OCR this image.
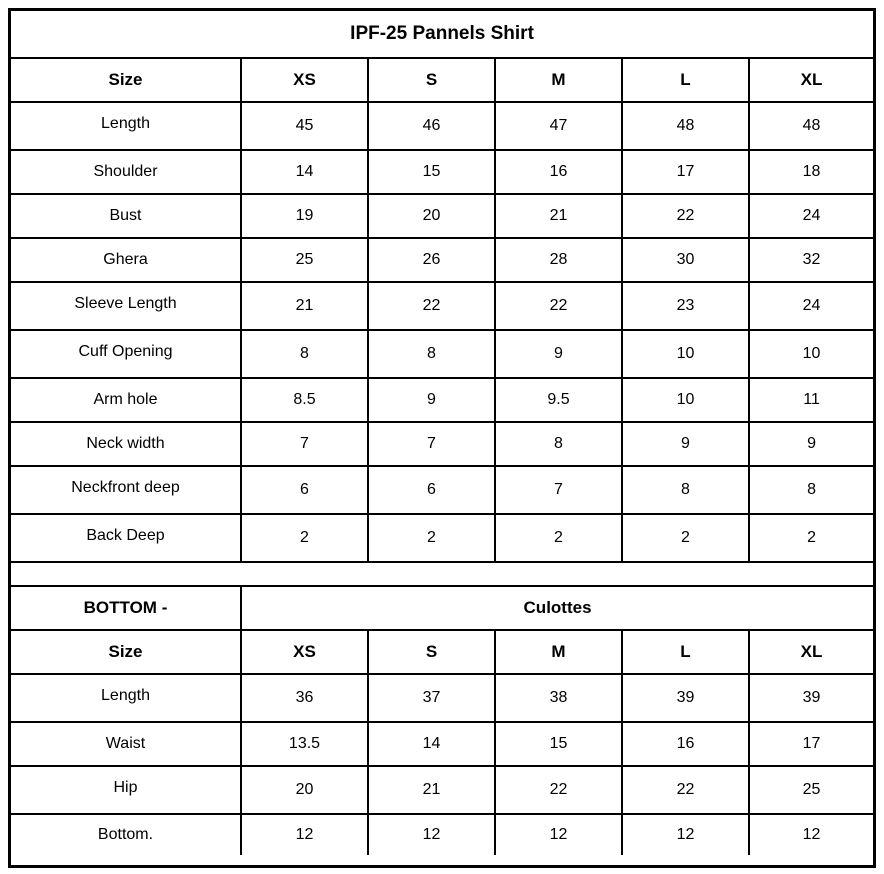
IPF-25 Pannels Shirt					
Size	XS	S	M	L	XL
Length	45	46	47	48	48
Shoulder	14	15	16	17	18
Bust	19	20	21	22	24
Ghera	25	26	28	30	32
Sleeve Length	21	22	22	23	24
Cuff Opening	8	8	9	10	10
Arm hole	8.5	9	9.5	10	11
Neck width	7	7	8	9	9
Neckfront deep	6	6	7	8	8
Back Deep	2	2	2	2	2

BOTTOM -	Culottes				
Size	XS	S	M	L	XL
Length	36	37	38	39	39
Waist	13.5	14	15	16	17
Hip	20	21	22	22	25
Bottom.	12	12	12	12	12
